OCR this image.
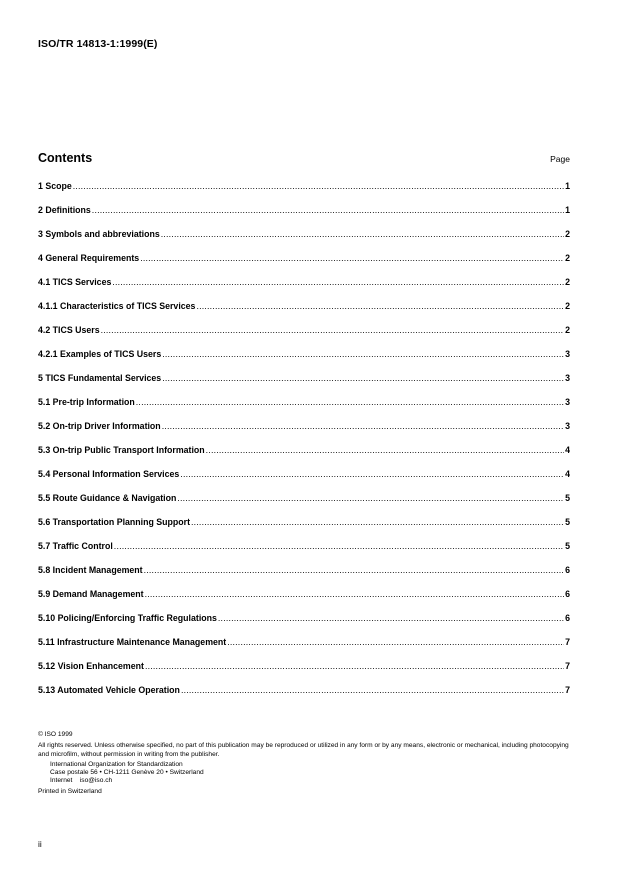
ISO/TR 14813-1:1999(E)
Contents	Page
1 Scope .....	1
2 Definitions .....	1
3 Symbols and abbreviations .....	2
4 General Requirements .....	2
4.1 TICS Services .....	2
4.1.1 Characteristics of TICS Services .....	2
4.2 TICS Users .....	2
4.2.1 Examples of TICS Users .....	3
5 TICS Fundamental Services .....	3
5.1 Pre-trip Information .....	3
5.2 On-trip Driver Information .....	3
5.3 On-trip Public Transport Information .....	4
5.4 Personal Information Services .....	4
5.5 Route Guidance & Navigation .....	5
5.6 Transportation Planning Support .....	5
5.7 Traffic Control .....	5
5.8 Incident Management .....	6
5.9 Demand Management .....	6
5.10 Policing/Enforcing Traffic Regulations .....	6
5.11 Infrastructure Maintenance Management .....	7
5.12 Vision Enhancement .....	7
5.13 Automated Vehicle Operation .....	7

© ISO 1999

All rights reserved. Unless otherwise specified, no part of this publication may be reproduced or utilized in any form or by any means, electronic or mechanical, including photocopying and microfilm, without permission in writing from the publisher.

International Organization for Standardization

Case postale 56 • CH-1211 Genève 20 • Switzerland

Internet iso@iso.ch

Printed in Switzerland

ii
